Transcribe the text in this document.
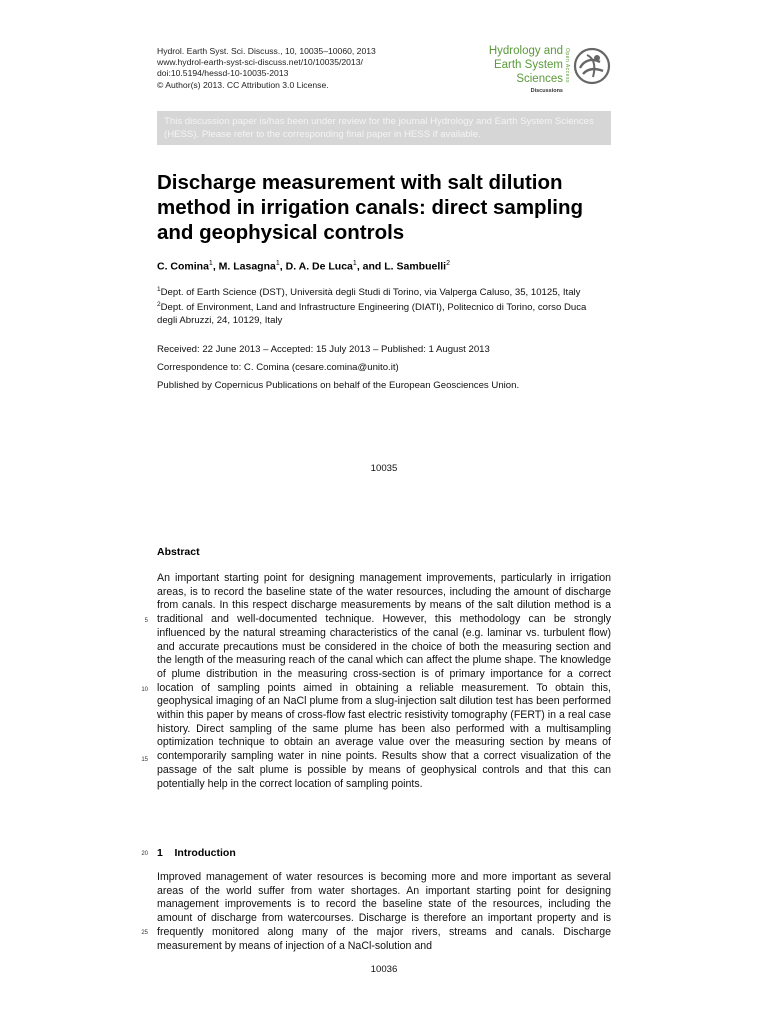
Hydrol. Earth Syst. Sci. Discuss., 10, 10035–10060, 2013
www.hydrol-earth-syst-sci-discuss.net/10/10035/2013/
doi:10.5194/hessd-10-10035-2013
© Author(s) 2013. CC Attribution 3.0 License.
Hydrology and
Earth System
Sciences
Discussions
Open Access
This discussion paper is/has been under review for the journal Hydrology and Earth System Sciences (HESS). Please refer to the corresponding final paper in HESS if available.
Discharge measurement with salt dilution method in irrigation canals: direct sampling and geophysical controls
C. Comina$^1$, M. Lasagna$^1$, D. A. De Luca$^1$, and L. Sambuelli$^2$
$^1$Dept. of Earth Science (DST), Università degli Studi di Torino, via Valperga Caluso, 35, 10125, Italy
$^2$Dept. of Environment, Land and Infrastructure Engineering (DIATI), Politecnico di Torino, corso Duca degli Abruzzi, 24, 10129, Italy
Received: 22 June 2013 – Accepted: 15 July 2013 – Published: 1 August 2013
Correspondence to: C. Comina (cesare.comina@unito.it)
Published by Copernicus Publications on behalf of the European Geosciences Union.
10035
Abstract

An important starting point for designing management improvements, particularly in irrigation areas, is to record the baseline state of the water resources, including the amount of discharge from canals. In this respect discharge measurements by means of the salt dilution method is a traditional and well-documented technique. However, this methodology can be strongly influenced by the natural streaming characteristics of the canal (e.g. laminar vs. turbulent flow) and accurate precautions must be considered in the choice of both the measuring section and the length of the measuring reach of the canal which can affect the plume shape. The knowledge of plume distribution in the measuring cross-section is of primary importance for a correct location of sampling points aimed in obtaining a reliable measurement. To obtain this, geophysical imaging of an NaCl plume from a slug-injection salt dilution test has been performed within this paper by means of cross-flow fast electric resistivity tomography (FERT) in a real case history. Direct sampling of the same plume has been also performed with a multisampling optimization technique to obtain an average value over the measuring section by means of contemporarily sampling water in nine points. Results show that a correct visualization of the passage of the salt plume is possible by means of geophysical controls and that this can potentially help in the correct location of sampling points.

1 Introduction

Improved management of water resources is becoming more and more important as several areas of the world suffer from water shortages. An important starting point for designing management improvements is to record the baseline state of the resources, including the amount of discharge from watercourses. Discharge is therefore an important property and is frequently monitored along many of the major rivers, streams and canals. Discharge measurement by means of injection of a NaCl-solution and

5
10
15
20
25
10036
